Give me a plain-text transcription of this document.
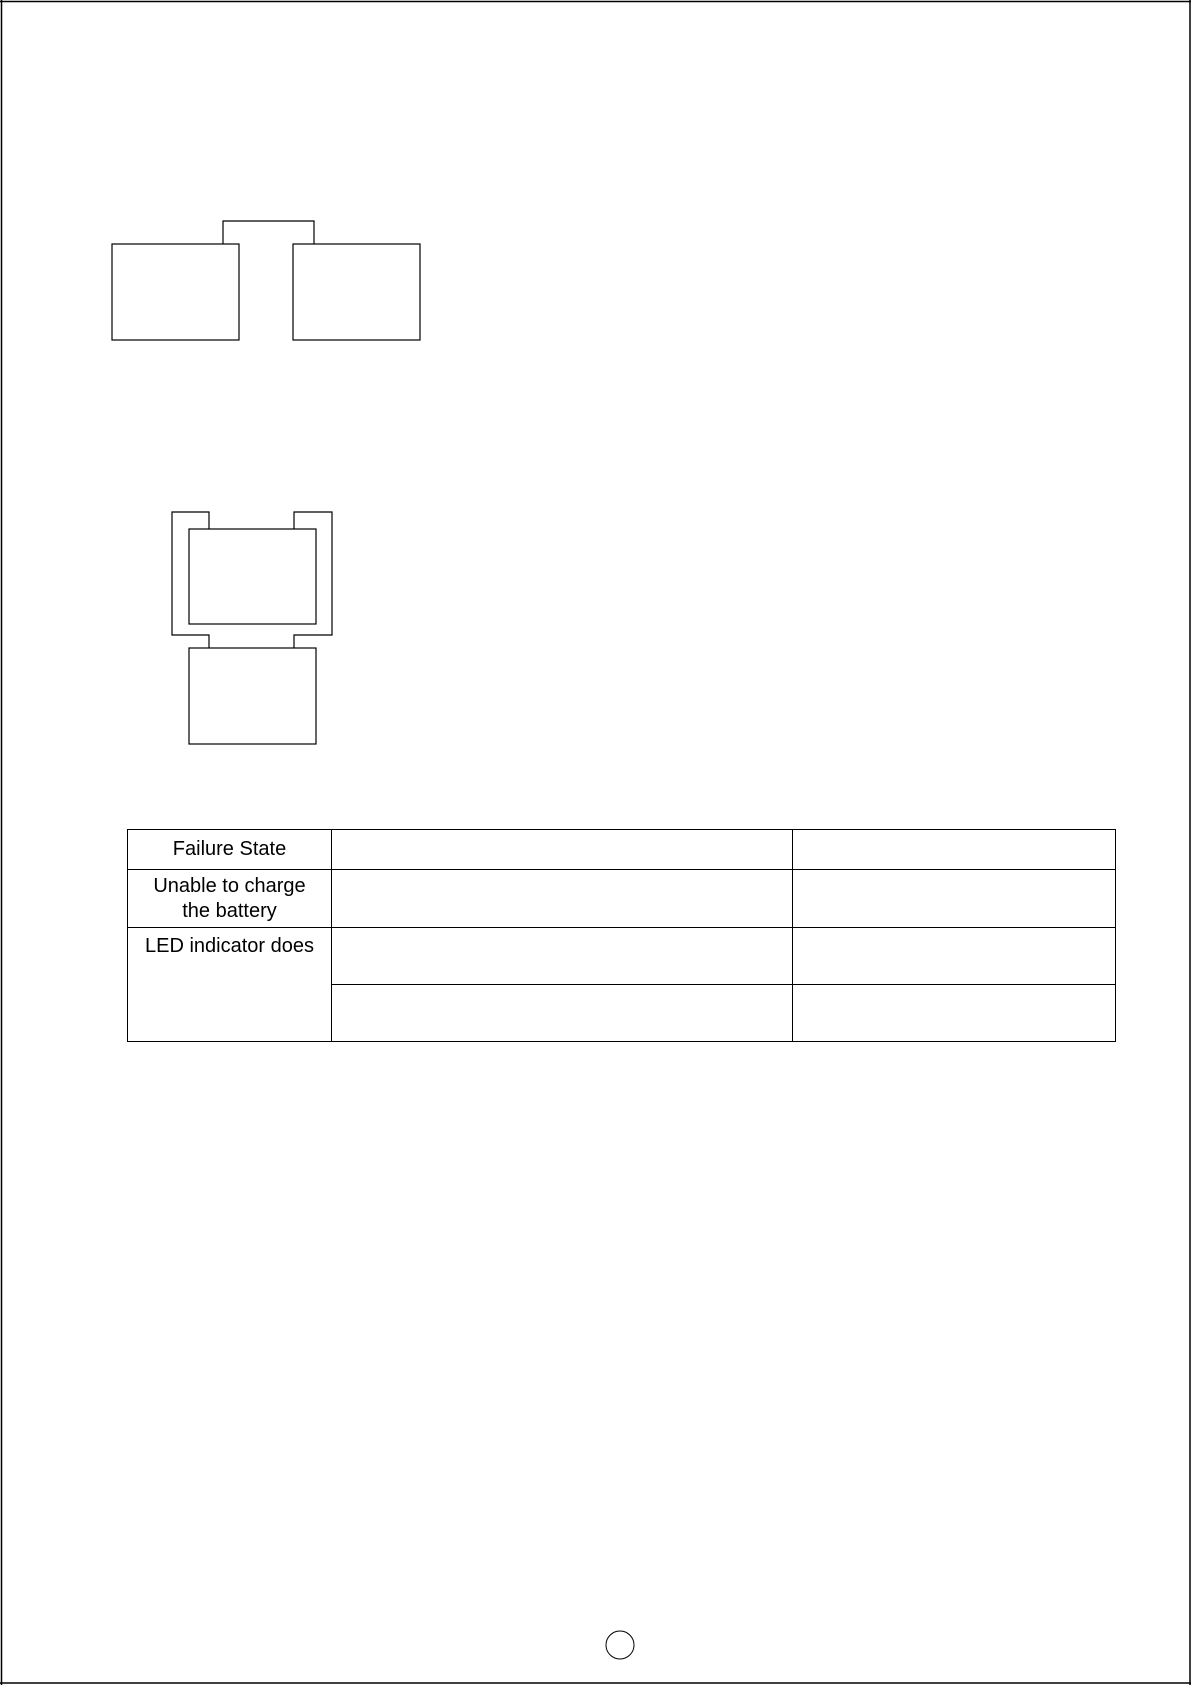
Failure State		

Unable to charge
the battery		

LED indicator does		
